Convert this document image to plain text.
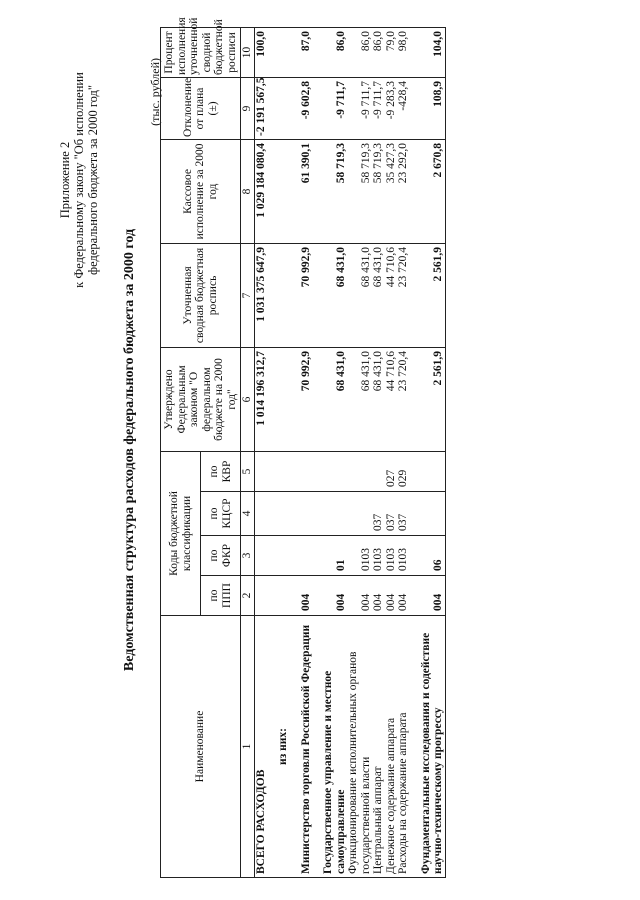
Приложение 2 к Федеральному закону "Об исполнении федерального бюджета за 2000 год"
Ведомственная структура расходов федерального бюджета за 2000 год
(тыс. рублей)
Наименование	Коды бюджетной классификации				Утверждено Федеральным законом "О федеральном бюджете на 2000 год"	Уточненная сводная бюджетная роспись	Кассовое исполнение за 2000 год	Отклонение от плана (±)	Процент исполнения уточненной сводной бюджетной росписи
	по ППП	по ФКР	по КЦСР	по КВР					
1	2	3	4	5	6	7	8	9	10
ВСЕГО РАСХОДОВ					1 014 196 312,7	1 031 375 647,9	1 029 184 080,4	-2 191 567,5	100,0

из них:									

Министерство торговли Российской Федерации	004				70 992,9	70 992,9	61 390,1	-9 602,8	87,0

Государственное управление и местное самоуправление	004	01			68 431,0	68 431,0	58 719,3	-9 711,7	86,0
Функционирование исполнительных органов государственной власти	004	0103			68 431,0	68 431,0	58 719,3	-9 711,7	86,0
Центральный аппарат	004	0103	037		68 431,0	68 431,0	58 719,3	-9 711,7	86,0
Денежное содержание аппарата	004	0103	037	027	44 710,6	44 710,6	35 427,3	-9 283,3	79,0
Расходы на содержание аппарата	004	0103	037	029	23 720,4	23 720,4	23 292,0	-428,4	98,0

Фундаментальные исследования и содействие научно-техническому прогрессу	004	06			2 561,9	2 561,9	2 670,8	108,9	104,0
